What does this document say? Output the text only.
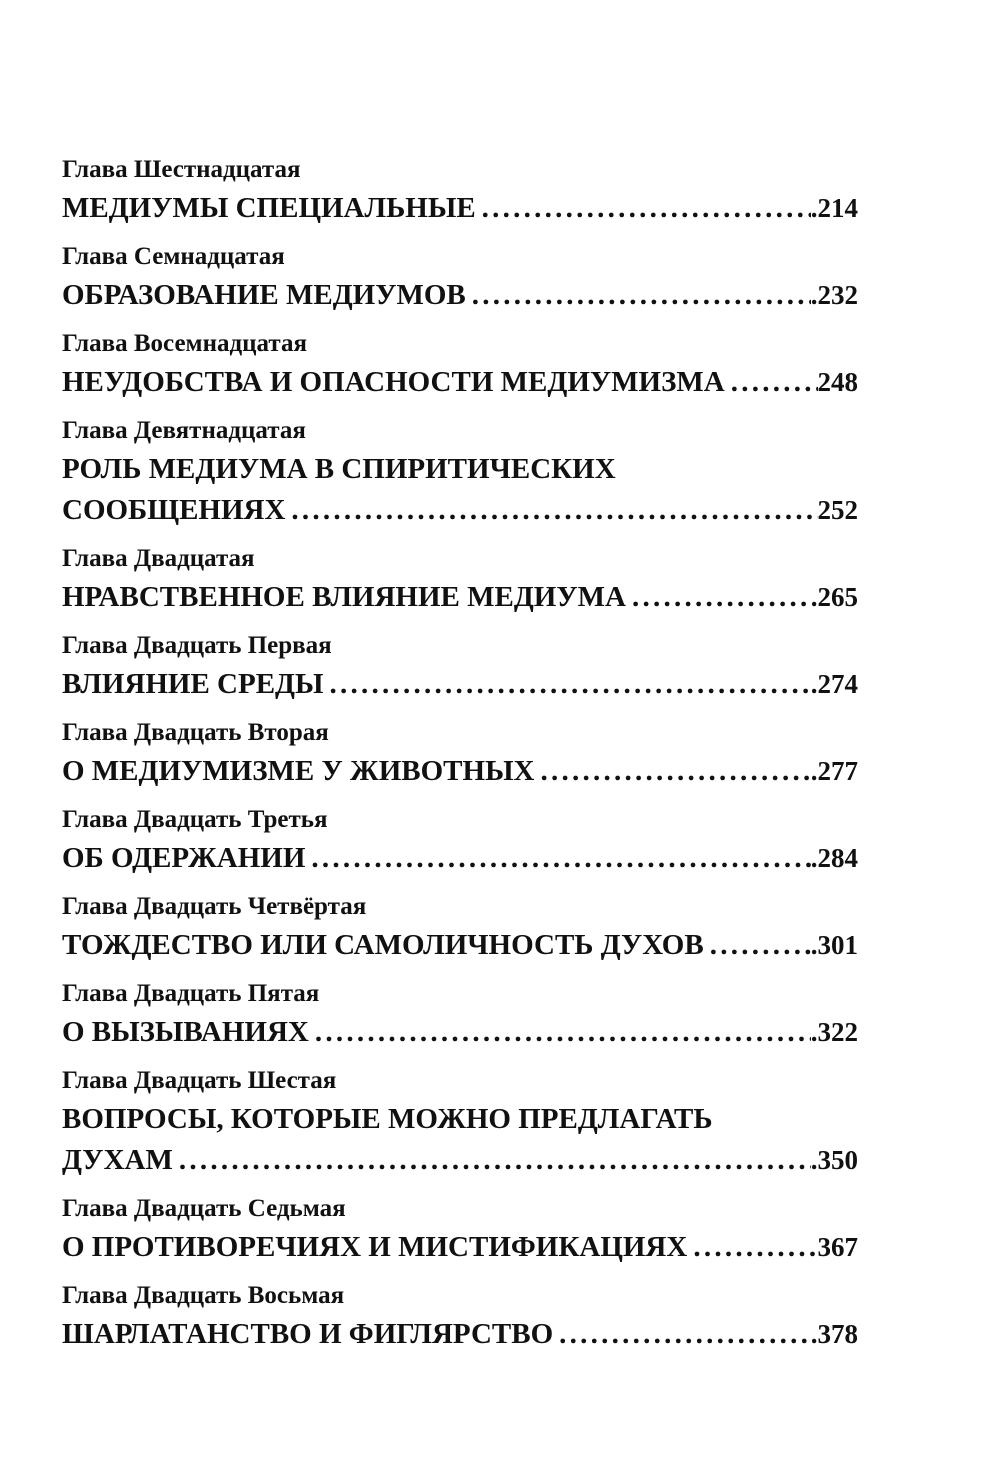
Глава Шестнадцатая
МЕДИУМЫ СПЕЦИАЛЬНЫЕ . . .	.214
Глава Семнадцатая
ОБРАЗОВАНИЕ МЕДИУМОВ . . .	.232
Глава Восемнадцатая
НЕУДОБСТВА И ОПАСНОСТИ МЕДИУМИЗМА . . .	248
Глава Девятнадцатая
РОЛЬ МЕДИУМА В СПИРИТИЧЕСКИХ
СООБЩЕНИЯХ . . .	252
Глава Двадцатая
НРАВСТВЕННОЕ ВЛИЯНИЕ МЕДИУМА . . .	.265
Глава Двадцать Первая
ВЛИЯНИЕ СРЕДЫ . . .	.274
Глава Двадцать Вторая
О МЕДИУМИЗМЕ У ЖИВОТНЫХ . . .	.277
Глава Двадцать Третья
ОБ ОДЕРЖАНИИ . . .	.284
Глава Двадцать Четвёртая
ТОЖДЕСТВО ИЛИ САМОЛИЧНОСТЬ ДУХОВ . . .	.301
Глава Двадцать Пятая
О ВЫЗЫВАНИЯХ . . .	.322
Глава Двадцать Шестая
ВОПРОСЫ, КОТОРЫЕ МОЖНО ПРЕДЛАГАТЬ
ДУХАМ . . .	.350
Глава Двадцать Седьмая
О ПРОТИВОРЕЧИЯХ И МИСТИФИКАЦИЯХ . . .	367
Глава Двадцать Восьмая
ШАРЛАТАНСТВО И ФИГЛЯРСТВО . . .	.378
